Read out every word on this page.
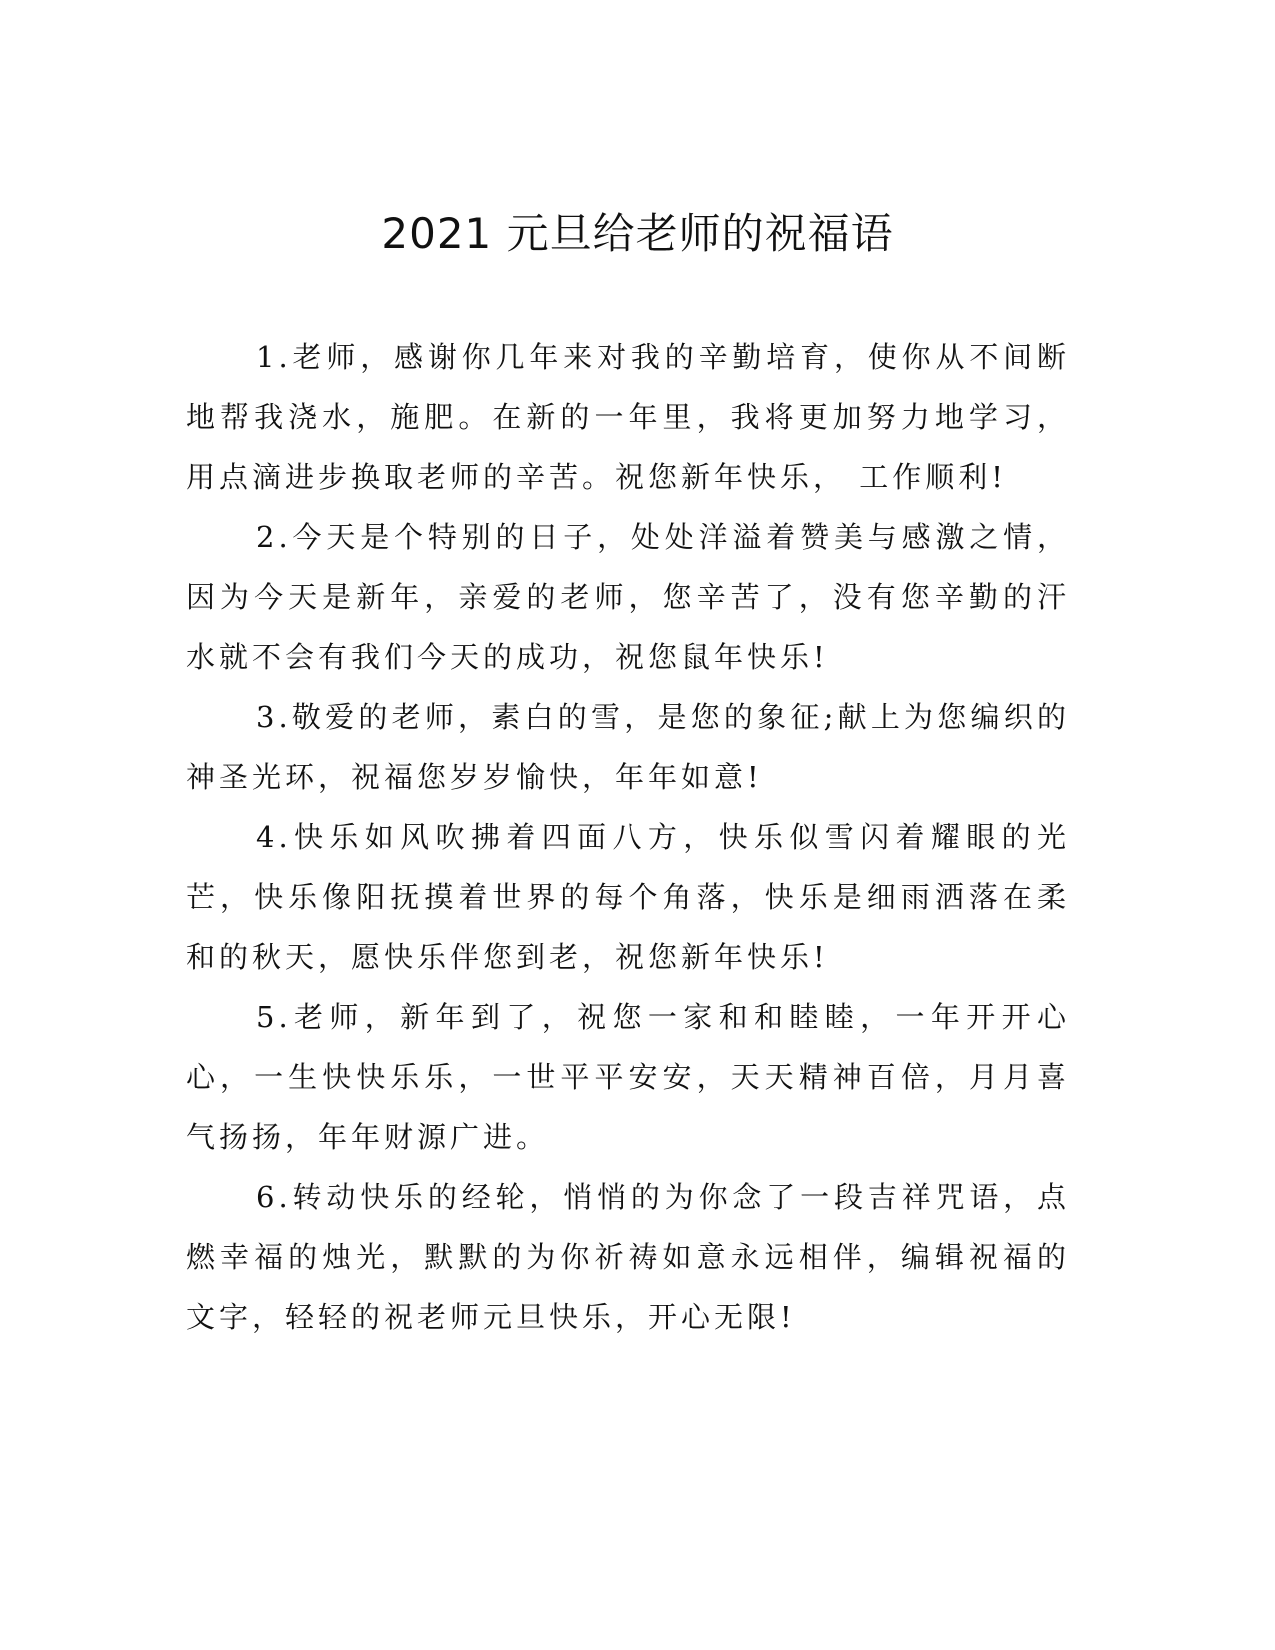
2021 元旦给老师的祝福语

1.老师，感谢你几年来对我的辛勤培育，使你从不间断地帮我浇水，施肥。在新的一年里，我将更加努力地学习，用点滴进步换取老师的辛苦。祝您新年快乐， 工作顺利!

2.今天是个特别的日子，处处洋溢着赞美与感激之情，因为今天是新年，亲爱的老师，您辛苦了，没有您辛勤的汗水就不会有我们今天的成功，祝您鼠年快乐!

3.敬爱的老师，素白的雪，是您的象征;献上为您编织的神圣光环，祝福您岁岁愉快，年年如意!

4.快乐如风吹拂着四面八方，快乐似雪闪着耀眼的光芒，快乐像阳抚摸着世界的每个角落，快乐是细雨洒落在柔和的秋天，愿快乐伴您到老，祝您新年快乐!

5.老师，新年到了，祝您一家和和睦睦，一年开开心心，一生快快乐乐，一世平平安安，天天精神百倍，月月喜气扬扬，年年财源广进。

6.转动快乐的经轮，悄悄的为你念了一段吉祥咒语，点燃幸福的烛光，默默的为你祈祷如意永远相伴，编辑祝福的文字，轻轻的祝老师元旦快乐，开心无限!
